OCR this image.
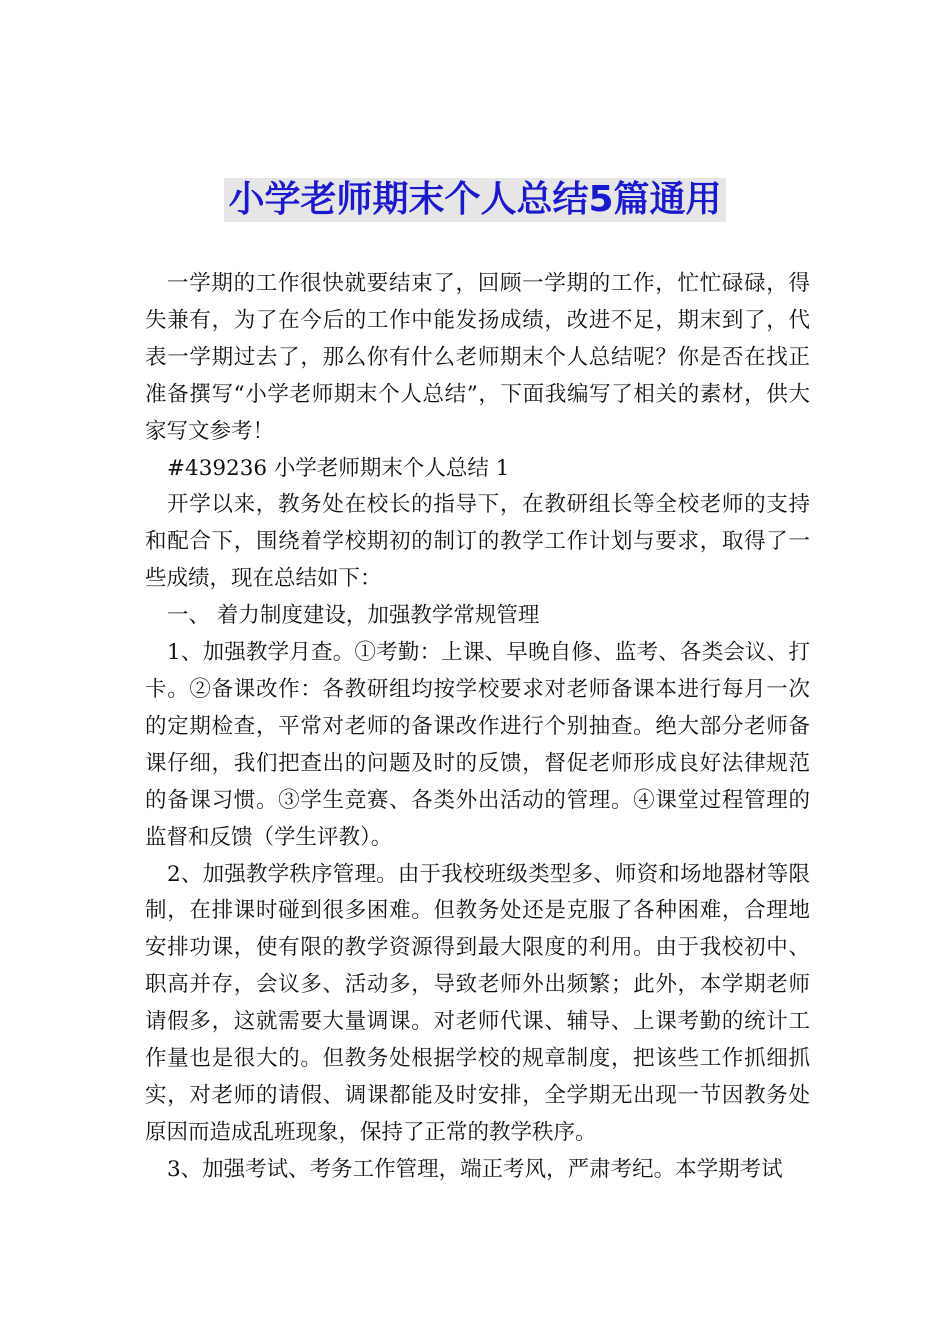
小学老师期末个人总结5篇通用

一学期的工作很快就要结束了，回顾一学期的工作，忙忙碌碌，得失兼有，为了在今后的工作中能发扬成绩，改进不足，期末到了，代表一学期过去了，那么你有什么老师期末个人总结呢？你是否在找正准备撰写“小学老师期末个人总结”，下面我编写了相关的素材，供大家写文参考！

#439236 小学老师期末个人总结 1

开学以来，教务处在校长的指导下，在教研组长等全校老师的支持和配合下，围绕着学校期初的制订的教学工作计划与要求，取得了一些成绩，现在总结如下：

一、 着力制度建设，加强教学常规管理

1、加强教学月查。①考勤：上课、早晚自修、监考、各类会议、打卡。②备课改作：各教研组均按学校要求对老师备课本进行每月一次的定期检查，平常对老师的备课改作进行个别抽查。绝大部分老师备课仔细，我们把查出的问题及时的反馈，督促老师形成良好法律规范的备课习惯。③学生竞赛、各类外出活动的管理。④课堂过程管理的监督和反馈（学生评教）。

2、加强教学秩序管理。由于我校班级类型多、师资和场地器材等限制，在排课时碰到很多困难。但教务处还是克服了各种困难，合理地安排功课，使有限的教学资源得到最大限度的利用。由于我校初中、职高并存，会议多、活动多，导致老师外出频繁；此外，本学期老师请假多，这就需要大量调课。对老师代课、辅导、上课考勤的统计工作量也是很大的。但教务处根据学校的规章制度，把该些工作抓细抓实，对老师的请假、调课都能及时安排，全学期无出现一节因教务处原因而造成乱班现象，保持了正常的教学秩序。

3、加强考试、考务工作管理，端正考风，严肃考纪。本学期考试
